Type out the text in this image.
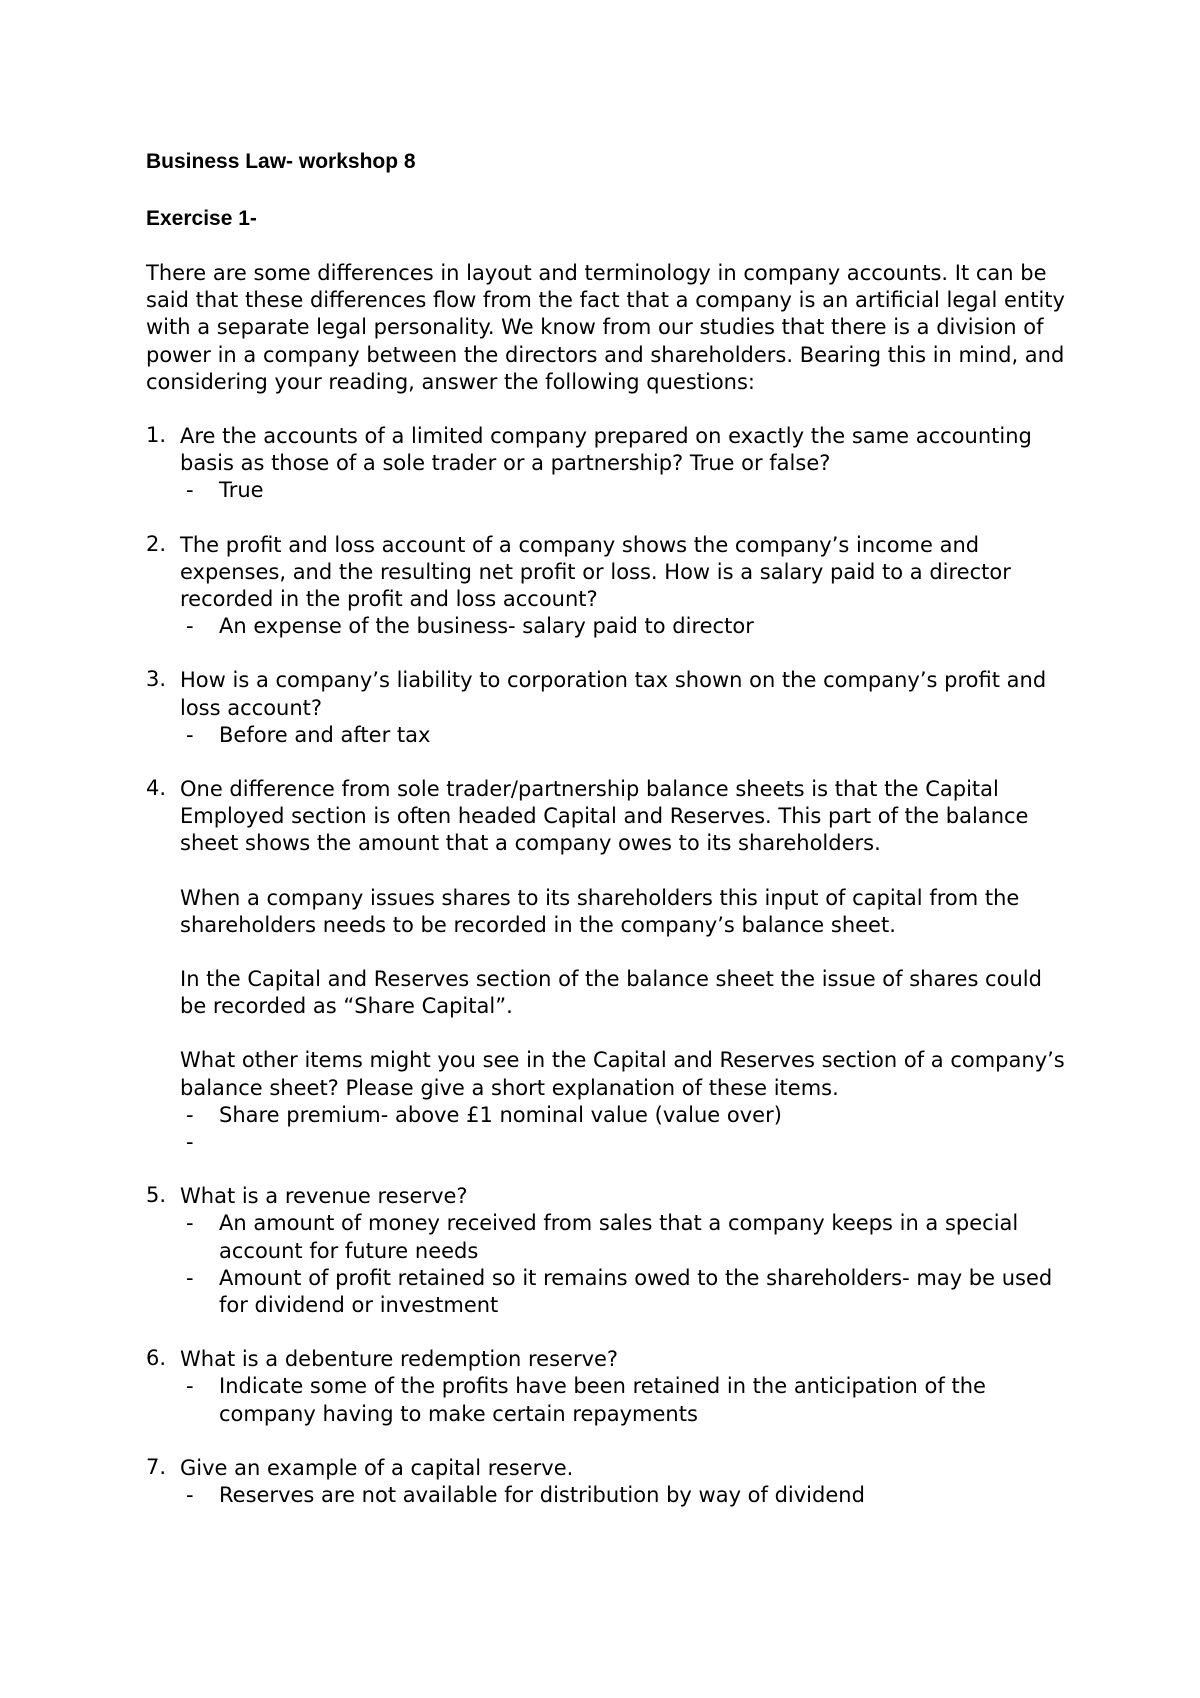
Business Law- workshop 8
Exercise 1-

There are some differences in layout and terminology in company accounts. It can be said that these differences flow from the fact that a company is an artificial legal entity with a separate legal personality. We know from our studies that there is a division of power in a company between the directors and shareholders. Bearing this in mind, and considering your reading, answer the following questions:

1. Are the accounts of a limited company prepared on exactly the same accounting basis as those of a sole trader or a partnership? True or false?

- True
2. The profit and loss account of a company shows the company’s income and expenses, and the resulting net profit or loss. How is a salary paid to a director recorded in the profit and loss account?

- An expense of the business- salary paid to director
3. How is a company’s liability to corporation tax shown on the company’s profit and loss account?

- Before and after tax
4. One difference from sole trader/partnership balance sheets is that the Capital Employed section is often headed Capital and Reserves. This part of the balance sheet shows the amount that a company owes to its shareholders.

When a company issues shares to its shareholders this input of capital from the shareholders needs to be recorded in the company’s balance sheet.

In the Capital and Reserves section of the balance sheet the issue of shares could be recorded as “Share Capital”.

What other items might you see in the Capital and Reserves section of a company’s balance sheet? Please give a short explanation of these items.

- Share premium- above £1 nominal value (value over)
-
5. What is a revenue reserve?

- An amount of money received from sales that a company keeps in a special account for future needs
- Amount of profit retained so it remains owed to the shareholders- may be used for dividend or investment
6. What is a debenture redemption reserve?

- Indicate some of the profits have been retained in the anticipation of the company having to make certain repayments
7. Give an example of a capital reserve.

- Reserves are not available for distribution by way of dividend
